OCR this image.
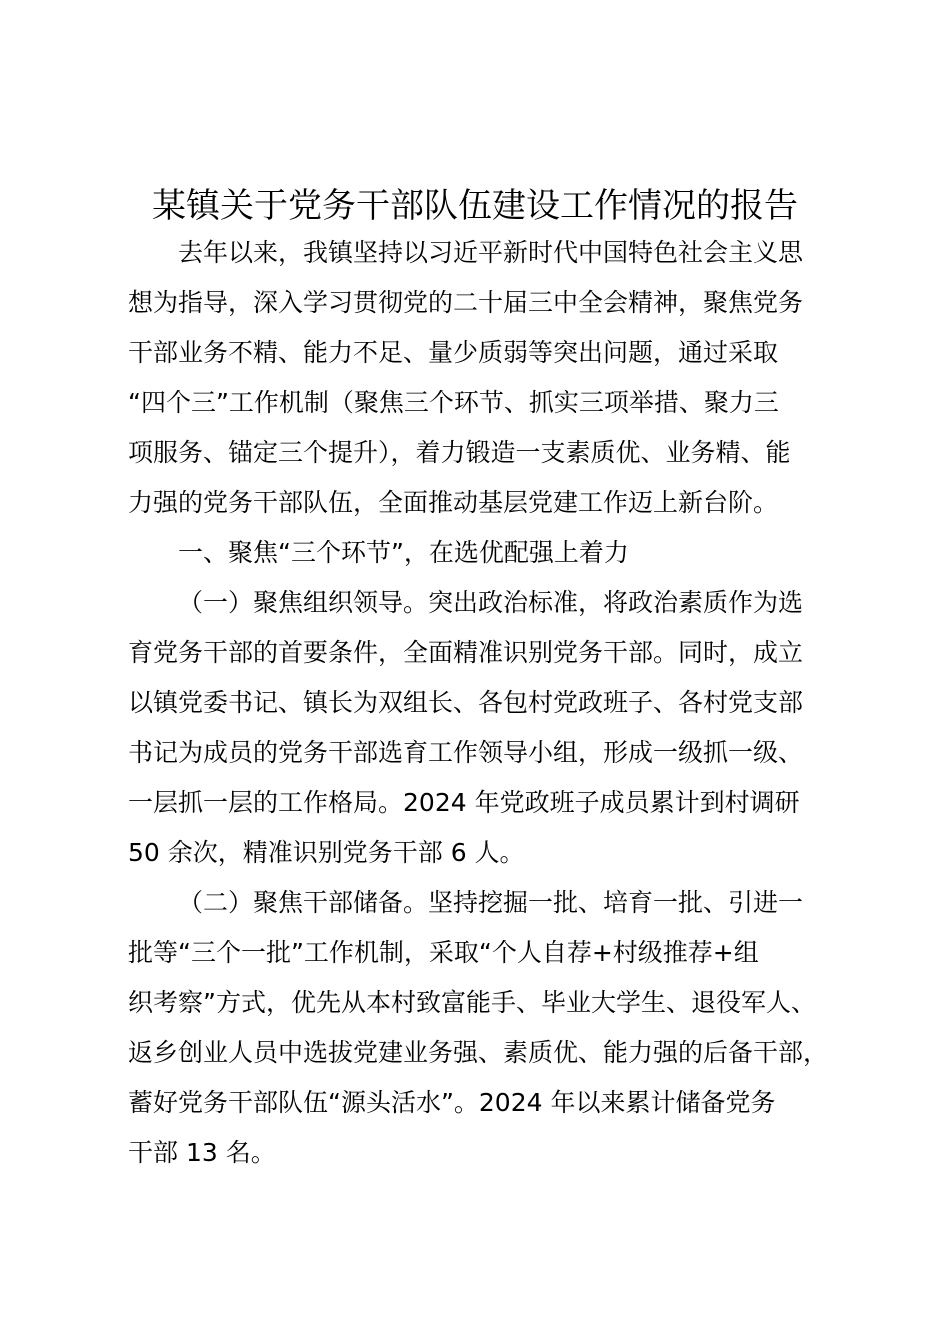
某镇关于党务干部队伍建设工作情况的报告
去年以来，我镇坚持以习近平新时代中国特色社会主义思
想为指导，深入学习贯彻党的二十届三中全会精神，聚焦党务
干部业务不精、能力不足、量少质弱等突出问题，通过采取
“四个三”工作机制（聚焦三个环节、抓实三项举措、聚力三
项服务、锚定三个提升），着力锻造一支素质优、业务精、能
力强的党务干部队伍，全面推动基层党建工作迈上新台阶。
一、聚焦“三个环节”，在选优配强上着力
（一）聚焦组织领导。突出政治标准，将政治素质作为选
育党务干部的首要条件，全面精准识别党务干部。同时，成立
以镇党委书记、镇长为双组长、各包村党政班子、各村党支部
书记为成员的党务干部选育工作领导小组，形成一级抓一级、
一层抓一层的工作格局。2024 年党政班子成员累计到村调研
50 余次，精准识别党务干部 6 人。
（二）聚焦干部储备。坚持挖掘一批、培育一批、引进一
批等“三个一批”工作机制，采取“个人自荐+村级推荐+组
织考察”方式，优先从本村致富能手、毕业大学生、退役军人、
返乡创业人员中选拔党建业务强、素质优、能力强的后备干部，
蓄好党务干部队伍“源头活水”。2024 年以来累计储备党务
干部 13 名。
